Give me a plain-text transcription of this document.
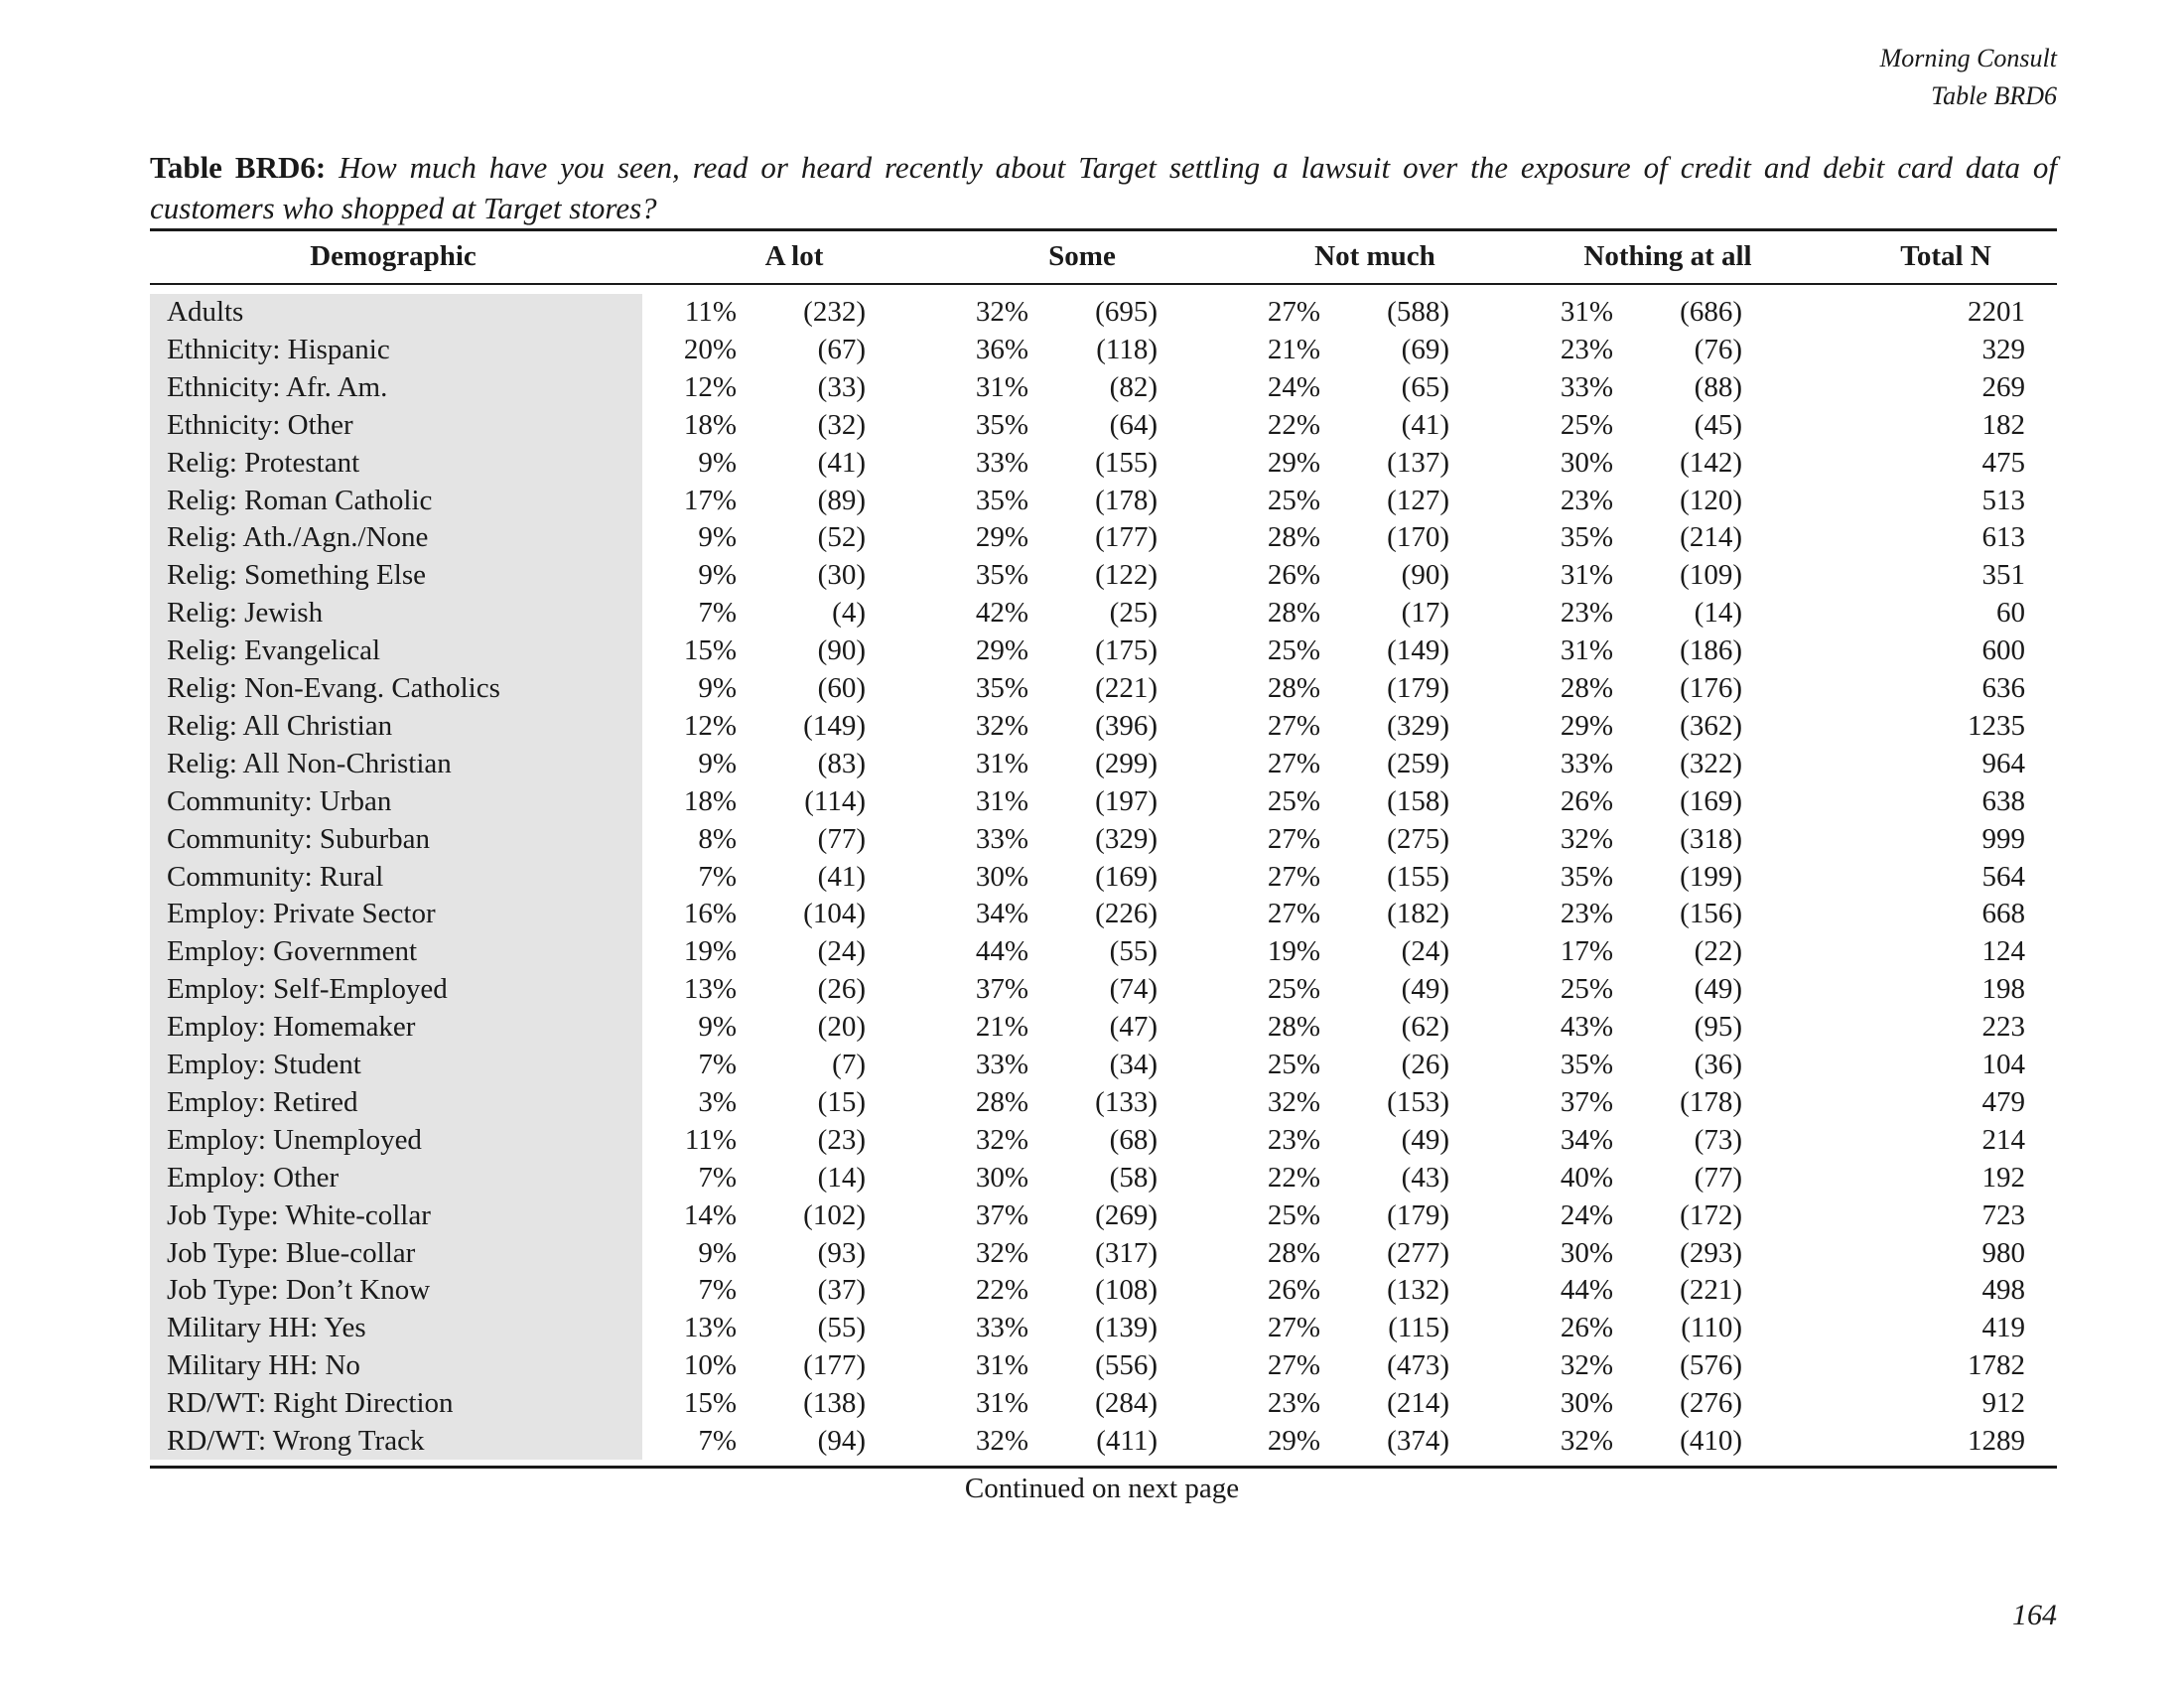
Morning Consult
Table BRD6
Table BRD6: How much have you seen, read or heard recently about Target settling a lawsuit over the exposure of credit and debit card data of customers who shopped at Target stores?
Demographic	A lot	Some	Not much	Nothing at all	Total N
Adults	11% (232)	32% (695)	27% (588)	31% (686)	2201
Ethnicity: Hispanic	20%	(67)	36% (118)	21%	(69)	23%	(76)	329
Ethnicity: Afr. Am.	12%	(33)	31%	(82)	24%	(65)	33%	(88)	269
Ethnicity: Other	18%	(32)	35%	(64)	22%	(41)	25%	(45)	182
Relig: Protestant	9%	(41)	33% (155)	29% (137)	30% (142)	475
Relig: Roman Catholic	17%	(89)	35% (178)	25% (127)	23% (120)	513
Relig: Ath./Agn./None	9%	(52)	29% (177)	28% (170)	35% (214)	613
Relig: Something Else	9%	(30)	35% (122)	26%	(90)	31% (109)	351
Relig: Jewish	7%	(4)	42%	(25)	28%	(17)	23%	(14)	60
Relig: Evangelical	15%	(90)	29% (175)	25% (149)	31% (186)	600
Relig: Non-Evang. Catholics	9%	(60)	35% (221)	28% (179)	28% (176)	636
Relig: All Christian	12% (149)	32% (396)	27% (329)	29% (362)	1235
Relig: All Non-Christian	9%	(83)	31% (299)	27% (259)	33% (322)	964
Community: Urban	18% (114)	31% (197)	25% (158)	26% (169)	638
Community: Suburban	8%	(77)	33% (329)	27% (275)	32% (318)	999
Community: Rural	7%	(41)	30% (169)	27% (155)	35% (199)	564
Employ: Private Sector	16% (104)	34% (226)	27% (182)	23% (156)	668
Employ: Government	19%	(24)	44%	(55)	19%	(24)	17%	(22)	124
Employ: Self-Employed	13%	(26)	37%	(74)	25%	(49)	25%	(49)	198
Employ: Homemaker	9%	(20)	21%	(47)	28%	(62)	43%	(95)	223
Employ: Student	7%	(7)	33%	(34)	25%	(26)	35%	(36)	104
Employ: Retired	3%	(15)	28% (133)	32% (153)	37% (178)	479
Employ: Unemployed	11%	(23)	32%	(68)	23%	(49)	34%	(73)	214
Employ: Other	7%	(14)	30%	(58)	22%	(43)	40%	(77)	192
Job Type: White-collar	14% (102)	37% (269)	25% (179)	24% (172)	723
Job Type: Blue-collar	9%	(93)	32% (317)	28% (277)	30% (293)	980
Job Type: Don’t Know	7%	(37)	22% (108)	26% (132)	44% (221)	498
Military HH: Yes	13%	(55)	33% (139)	27% (115)	26% (110)	419
Military HH: No	10% (177)	31% (556)	27% (473)	32% (576)	1782
RD/WT: Right Direction	15% (138)	31% (284)	23% (214)	30% (276)	912
RD/WT: Wrong Track	7%	(94)	32% (411)	29% (374)	32% (410)	1289
Continued on next page
164
